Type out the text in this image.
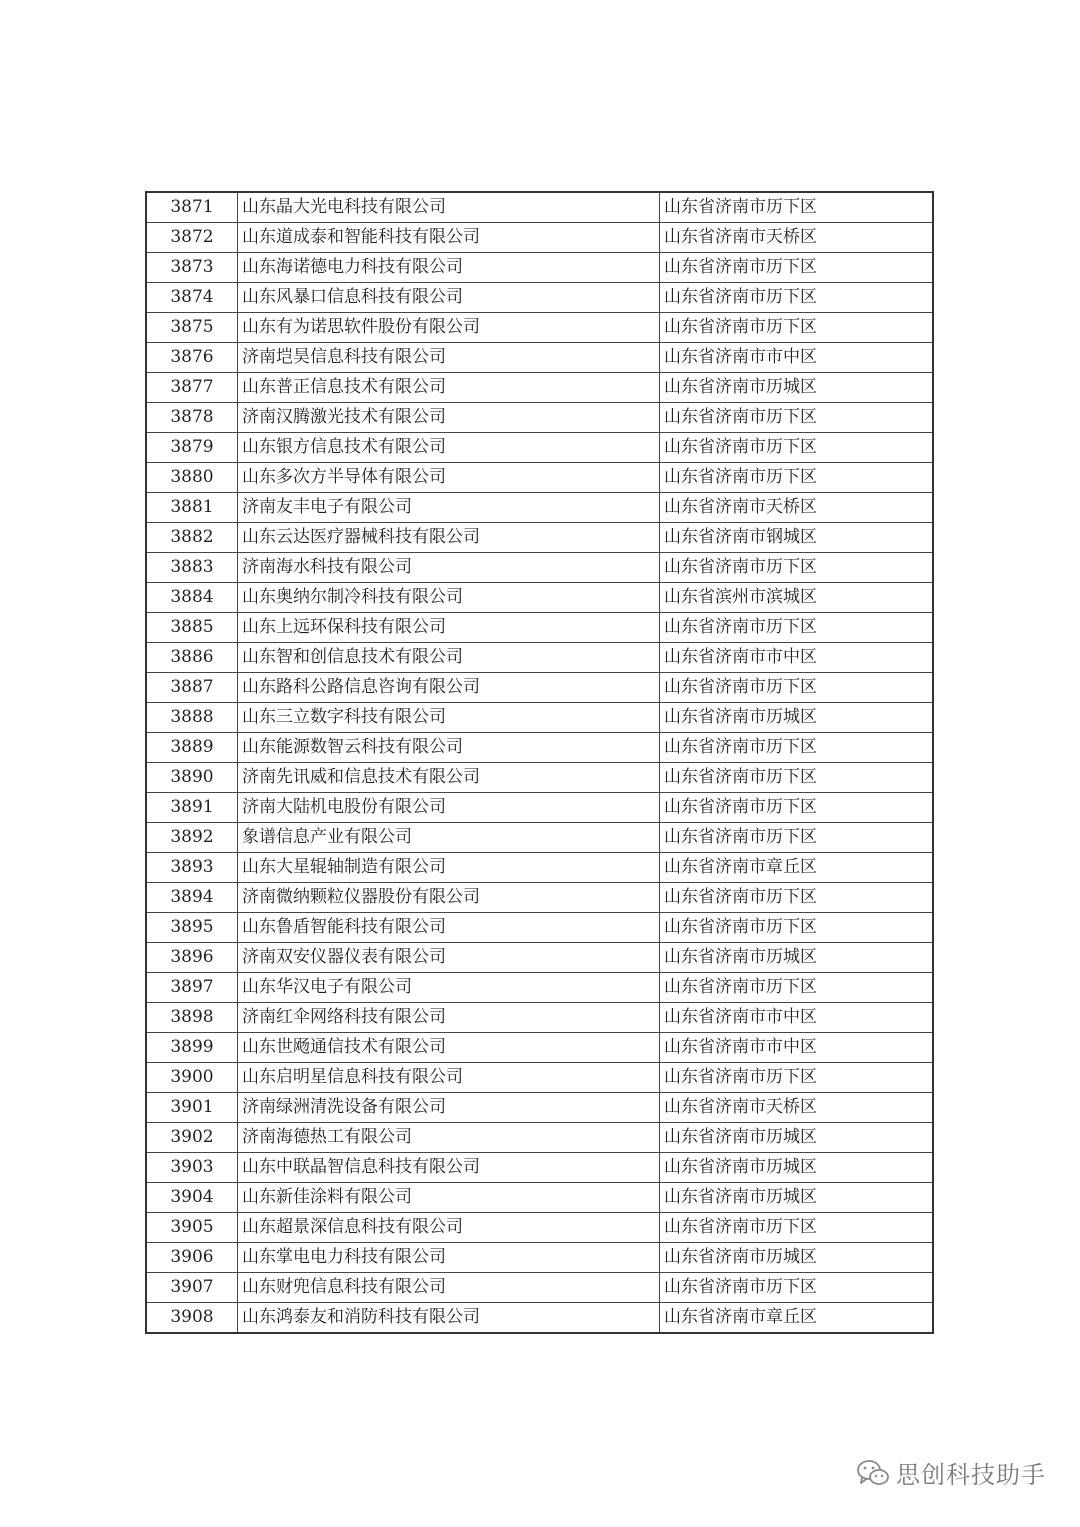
3871	山东晶大光电科技有限公司	山东省济南市历下区
3872	山东道成泰和智能科技有限公司	山东省济南市天桥区
3873	山东海诺德电力科技有限公司	山东省济南市历下区
3874	山东风暴口信息科技有限公司	山东省济南市历下区
3875	山东有为诺思软件股份有限公司	山东省济南市历下区
3876	济南垲昊信息科技有限公司	山东省济南市市中区
3877	山东普正信息技术有限公司	山东省济南市历城区
3878	济南汉腾激光技术有限公司	山东省济南市历下区
3879	山东银方信息技术有限公司	山东省济南市历下区
3880	山东多次方半导体有限公司	山东省济南市历下区
3881	济南友丰电子有限公司	山东省济南市天桥区
3882	山东云达医疗器械科技有限公司	山东省济南市钢城区
3883	济南海水科技有限公司	山东省济南市历下区
3884	山东奥纳尔制冷科技有限公司	山东省滨州市滨城区
3885	山东上远环保科技有限公司	山东省济南市历下区
3886	山东智和创信息技术有限公司	山东省济南市市中区
3887	山东路科公路信息咨询有限公司	山东省济南市历下区
3888	山东三立数字科技有限公司	山东省济南市历城区
3889	山东能源数智云科技有限公司	山东省济南市历下区
3890	济南先讯威和信息技术有限公司	山东省济南市历下区
3891	济南大陆机电股份有限公司	山东省济南市历下区
3892	象谱信息产业有限公司	山东省济南市历下区
3893	山东大星辊轴制造有限公司	山东省济南市章丘区
3894	济南微纳颗粒仪器股份有限公司	山东省济南市历下区
3895	山东鲁盾智能科技有限公司	山东省济南市历下区
3896	济南双安仪器仪表有限公司	山东省济南市历城区
3897	山东华汉电子有限公司	山东省济南市历下区
3898	济南红伞网络科技有限公司	山东省济南市市中区
3899	山东世飏通信技术有限公司	山东省济南市市中区
3900	山东启明星信息科技有限公司	山东省济南市历下区
3901	济南绿洲清洗设备有限公司	山东省济南市天桥区
3902	济南海德热工有限公司	山东省济南市历城区
3903	山东中联晶智信息科技有限公司	山东省济南市历城区
3904	山东新佳涂料有限公司	山东省济南市历城区
3905	山东超景深信息科技有限公司	山东省济南市历下区
3906	山东掌电电力科技有限公司	山东省济南市历城区
3907	山东财兜信息科技有限公司	山东省济南市历下区
3908	山东鸿泰友和消防科技有限公司	山东省济南市章丘区
思创科技助手
